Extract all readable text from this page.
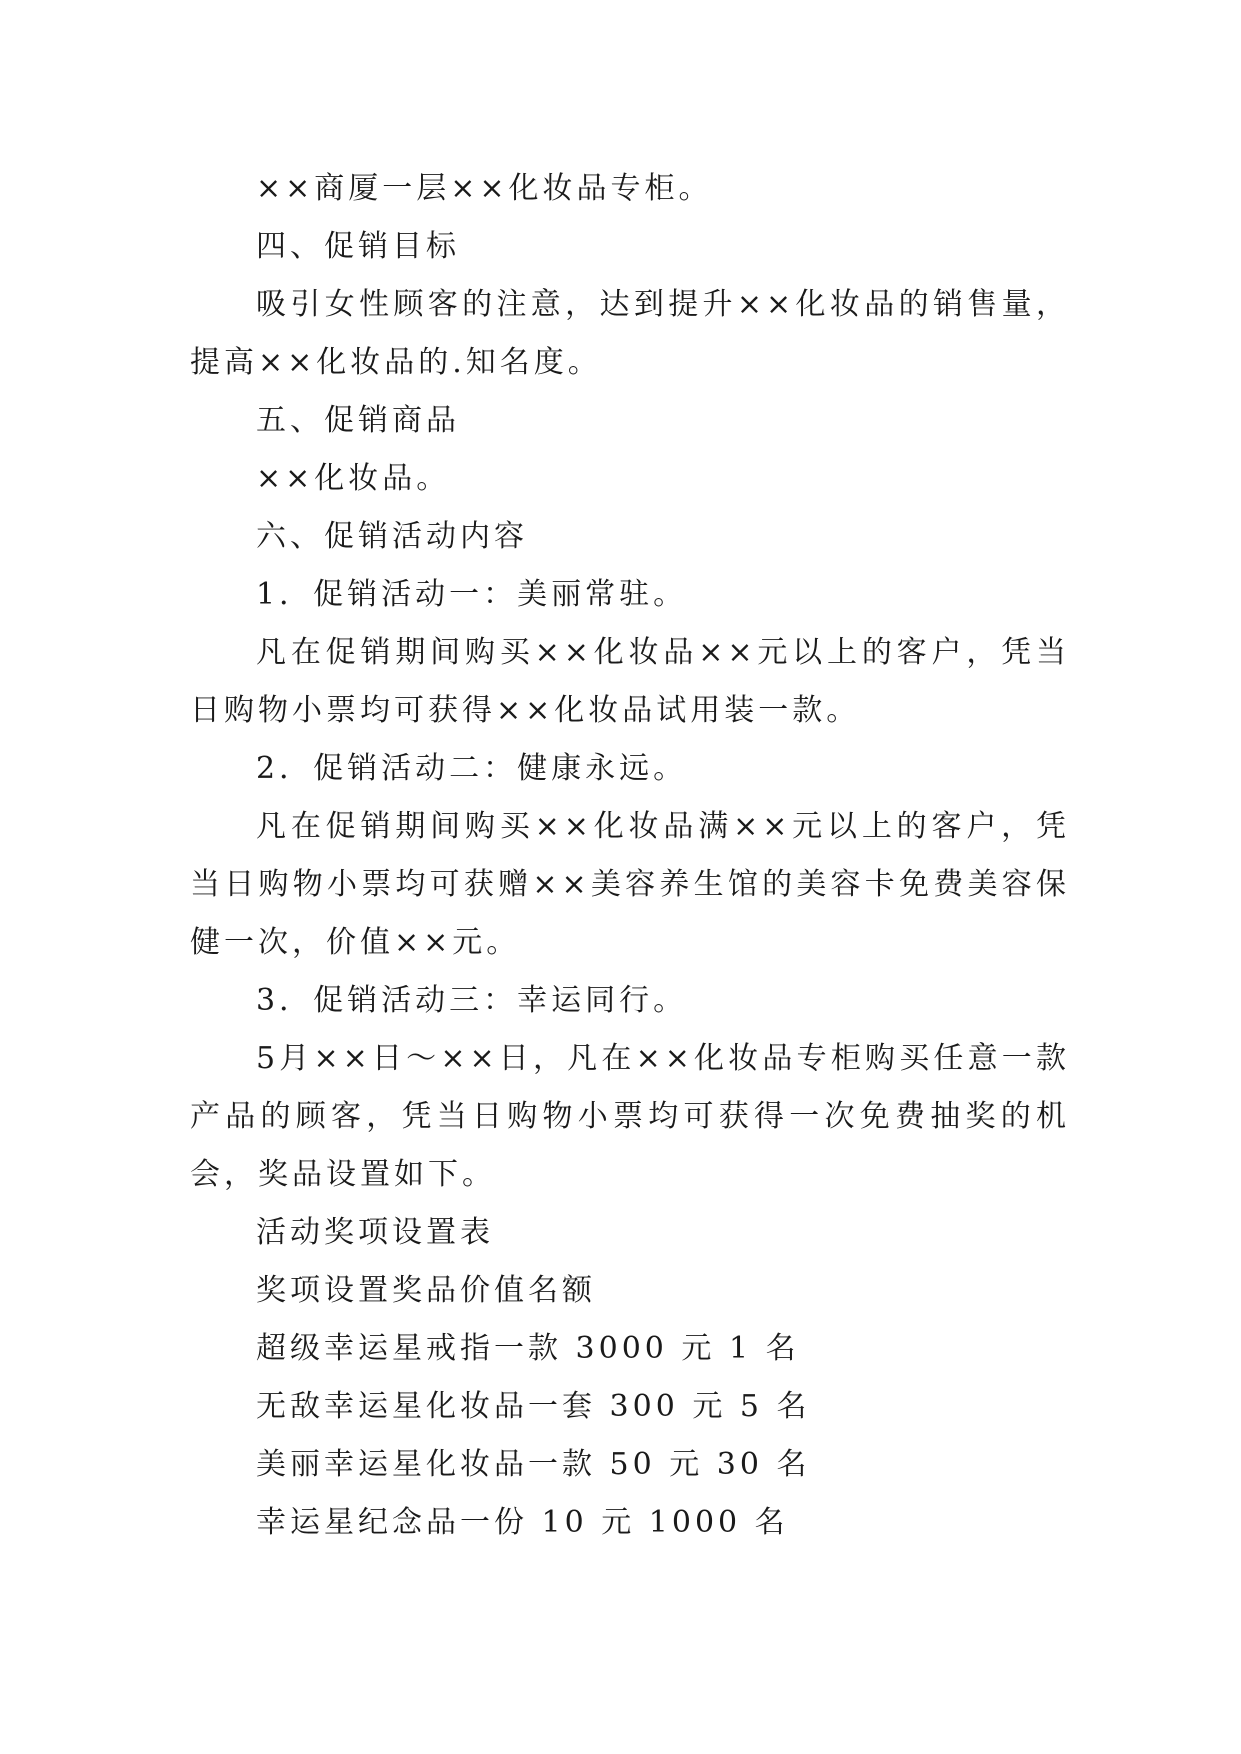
××商厦一层××化妆品专柜。

四、促销目标

吸引女性顾客的注意，达到提升××化妆品的销售量，提高××化妆品的.知名度。

五、促销商品

××化妆品。

六、促销活动内容

1．促销活动一：美丽常驻。

凡在促销期间购买××化妆品××元以上的客户，凭当日购物小票均可获得××化妆品试用装一款。

2．促销活动二：健康永远。

凡在促销期间购买××化妆品满××元以上的客户，凭当日购物小票均可获赠××美容养生馆的美容卡免费美容保健一次，价值××元。

3．促销活动三：幸运同行。

5月××日～××日，凡在××化妆品专柜购买任意一款产品的顾客，凭当日购物小票均可获得一次免费抽奖的机会，奖品设置如下。

活动奖项设置表

奖项设置奖品价值名额

超级幸运星戒指一款 3000 元 1 名

无敌幸运星化妆品一套 300 元 5 名

美丽幸运星化妆品一款 50 元 30 名

幸运星纪念品一份 10 元 1000 名
